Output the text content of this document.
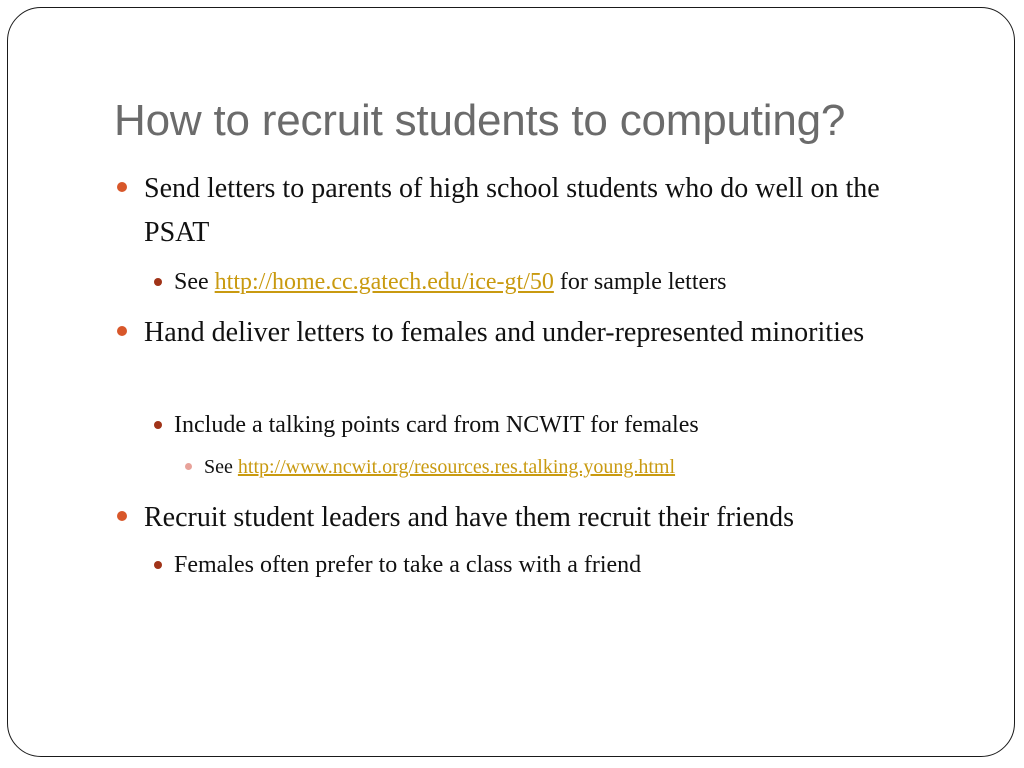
How to recruit students to computing?
Send letters to parents of high school students who do well on the PSAT
See http://home.cc.gatech.edu/ice-gt/50 for sample letters
Hand deliver letters to females and under-represented minorities
Include a talking points card from NCWIT for females
See http://www.ncwit.org/resources.res.talking.young.html
Recruit student leaders and have them recruit their friends
Females often prefer to take a class with a friend
